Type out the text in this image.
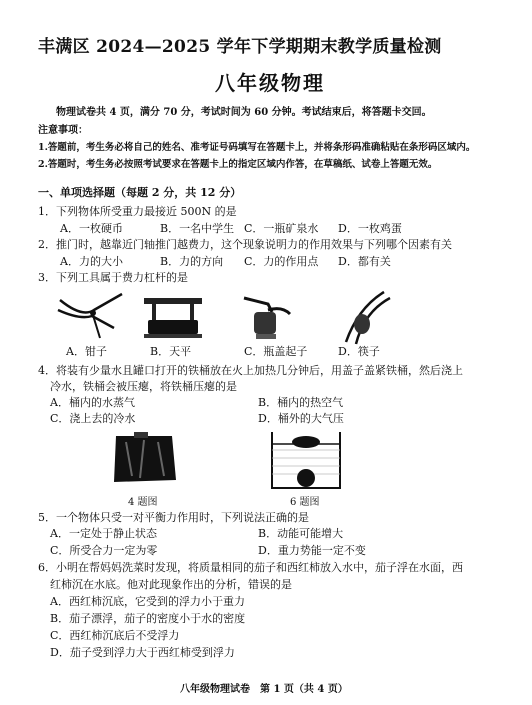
丰满区 2024—2025 学年下学期期末教学质量检测
八年级物理
物理试卷共 4 页，满分 70 分，考试时间为 60 分钟。考试结束后，将答题卡交回。
注意事项：
1.答题前，考生务必将自己的姓名、准考证号码填写在答题卡上，并将条形码准确粘贴在条形码区域内。
2.答题时，考生务必按照考试要求在答题卡上的指定区域内作答，在草稿纸、试卷上答题无效。
一、单项选择题（每题 2 分，共 12 分）
1．下列物体所受重力最接近 500N 的是
A．一枚硬币	B．一名中学生 C．一瓶矿泉水 D．一枚鸡蛋
2．推门时，越靠近门轴推门越费力，这个现象说明力的作用效果与下列哪个因素有关
A．力的大小	B．力的方向 C．力的作用点 D．都有关
3．下列工具属于费力杠杆的是
A．钳子	B．天平	C．瓶盖起子	D．筷子
4．将装有少量水且罐口打开的铁桶放在火上加热几分钟后，用盖子盖紧铁桶，然后浇上
冷水，铁桶会被压瘪，将铁桶压瘪的是
A．桶内的水蒸气	B．桶内的热空气
C．浇上去的冷水	D．桶外的大气压
4 题图	6 题图
5．一个物体只受一对平衡力作用时，下列说法正确的是
A．一定处于静止状态	B．动能可能增大
C．所受合力一定为零	D．重力势能一定不变
6．小明在帮妈妈洗菜时发现，将质量相同的茄子和西红柿放入水中，茄子浮在水面，西
红柿沉在水底。他对此现象作出的分析，错误的是
A．西红柿沉底，它受到的浮力小于重力
B．茄子漂浮，茄子的密度小于水的密度
C．西红柿沉底后不受浮力
D．茄子受到浮力大于西红柿受到浮力
八年级物理试卷　第 1 页（共 4 页）
